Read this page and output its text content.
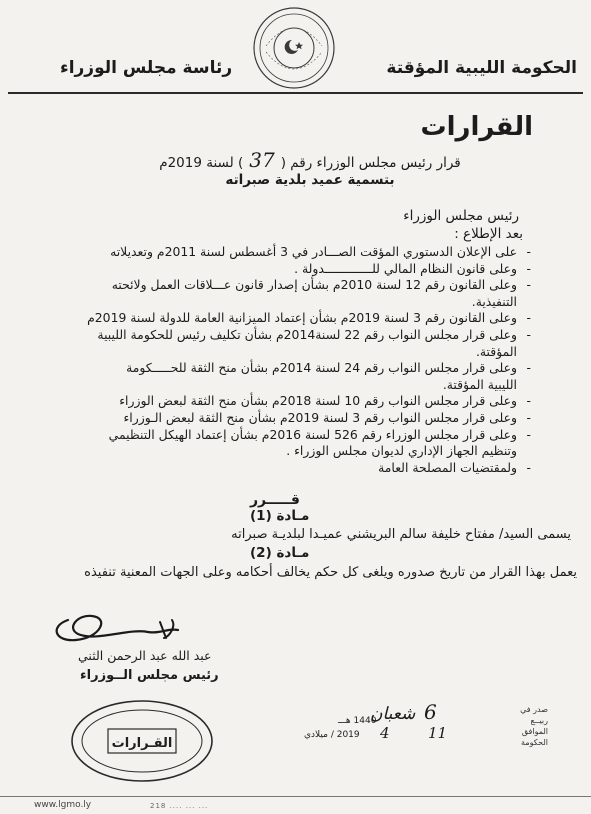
الحكومة الليبية المؤقتة
رئاسة مجلس الوزراء
القرارات
قرار رئيس مجلس الوزراء رقم (37) لسنة 2019م
بتسمية عميد بلدية صبراته
رئيس مجلس الوزراء
بعد الإطلاع :
- على الإعلان الدستوري المؤقت الصـــادر في 3 أغسطس لسنة 2011م وتعديلاته
- وعلى قانون النظام المالي للـــــــــــــدولة .
- وعلى القانون رقم 12 لسنة 2010م بشأن إصدار قانون عـــلاقات العمل ولائحته
التنفيذية.
- وعلى القانون رقم 3 لسنة 2019م بشأن إعتماد الميزانية العامة للدولة لسنة 2019م
- وعلى قرار مجلس النواب رقم 22 لسنة2014م بشأن تكليف رئيس للحكومة الليبية
المؤقتة.
- وعلى قرار مجلس النواب رقم 24 لسنة 2014م بشأن منح الثقة للحـــــكومة
الليبية المؤقتة.
- وعلى قرار مجلس النواب رقم 10 لسنة 2018م بشأن منح الثقة لبعض الوزراء
- وعلى قرار مجلس النواب رقم 3 لسنة 2019م بشأن منح الثقة لبعض الـوزراء
- وعلى قرار مجلس الوزراء رقم 526 لسنة 2016م بشأن إعتماد الهيكل التنظيمي
وتنظيم الجهاز الإداري لديوان مجلس الوزراء .
- ولمقتضيات المصلحة العامة
قـــــرر
مـادة (1)
يسمى السيد/ مفتاح خليفة سالم البريشني عميـدا لبلديـة صبراته
مـادة (2)
يعمل بهذا القرار من تاريخ صدوره ويلغى كل حكم يخالف أحكامه وعلى الجهات المعنية تنفيذه
عبد الله عبد الرحمن الثني
رئيس مجلس الــوزراء
القـرارات
6
شعبان
1440 هـــ
11
4
2019 / ميلادي
صدر في
ربيــع
الموافق
الحكومة
www.lgmo.ly	218 .... ... ...
